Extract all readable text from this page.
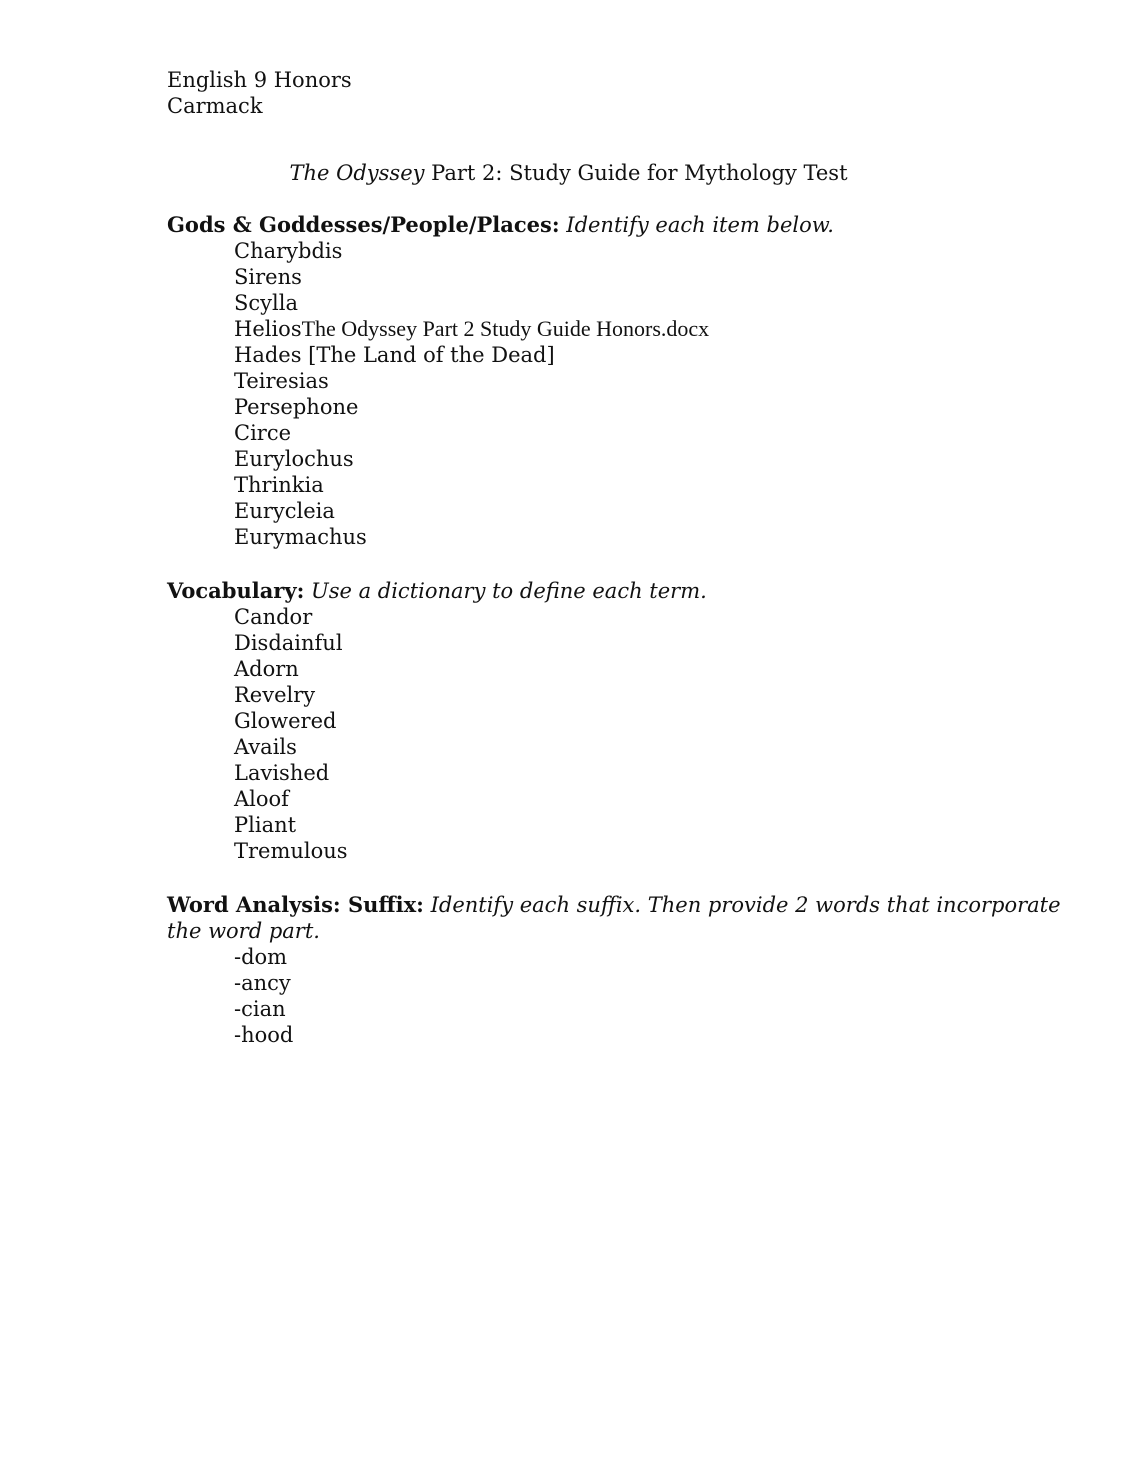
English 9 Honors
Carmack
The Odyssey Part 2: Study Guide for Mythology Test
Gods & Goddesses/People/Places: Identify each item below.
Charybdis
Sirens
Scylla
HeliosThe Odyssey Part 2 Study Guide Honors.docx
Hades [The Land of the Dead]
Teiresias
Persephone
Circe
Eurylochus
Thrinkia
Eurycleia
Eurymachus
Vocabulary: Use a dictionary to define each term.
Candor
Disdainful
Adorn
Revelry
Glowered
Avails
Lavished
Aloof
Pliant
Tremulous
Word Analysis: Suffix: Identify each suffix. Then provide 2 words that incorporate
the word part.
-dom
-ancy
-cian
-hood
